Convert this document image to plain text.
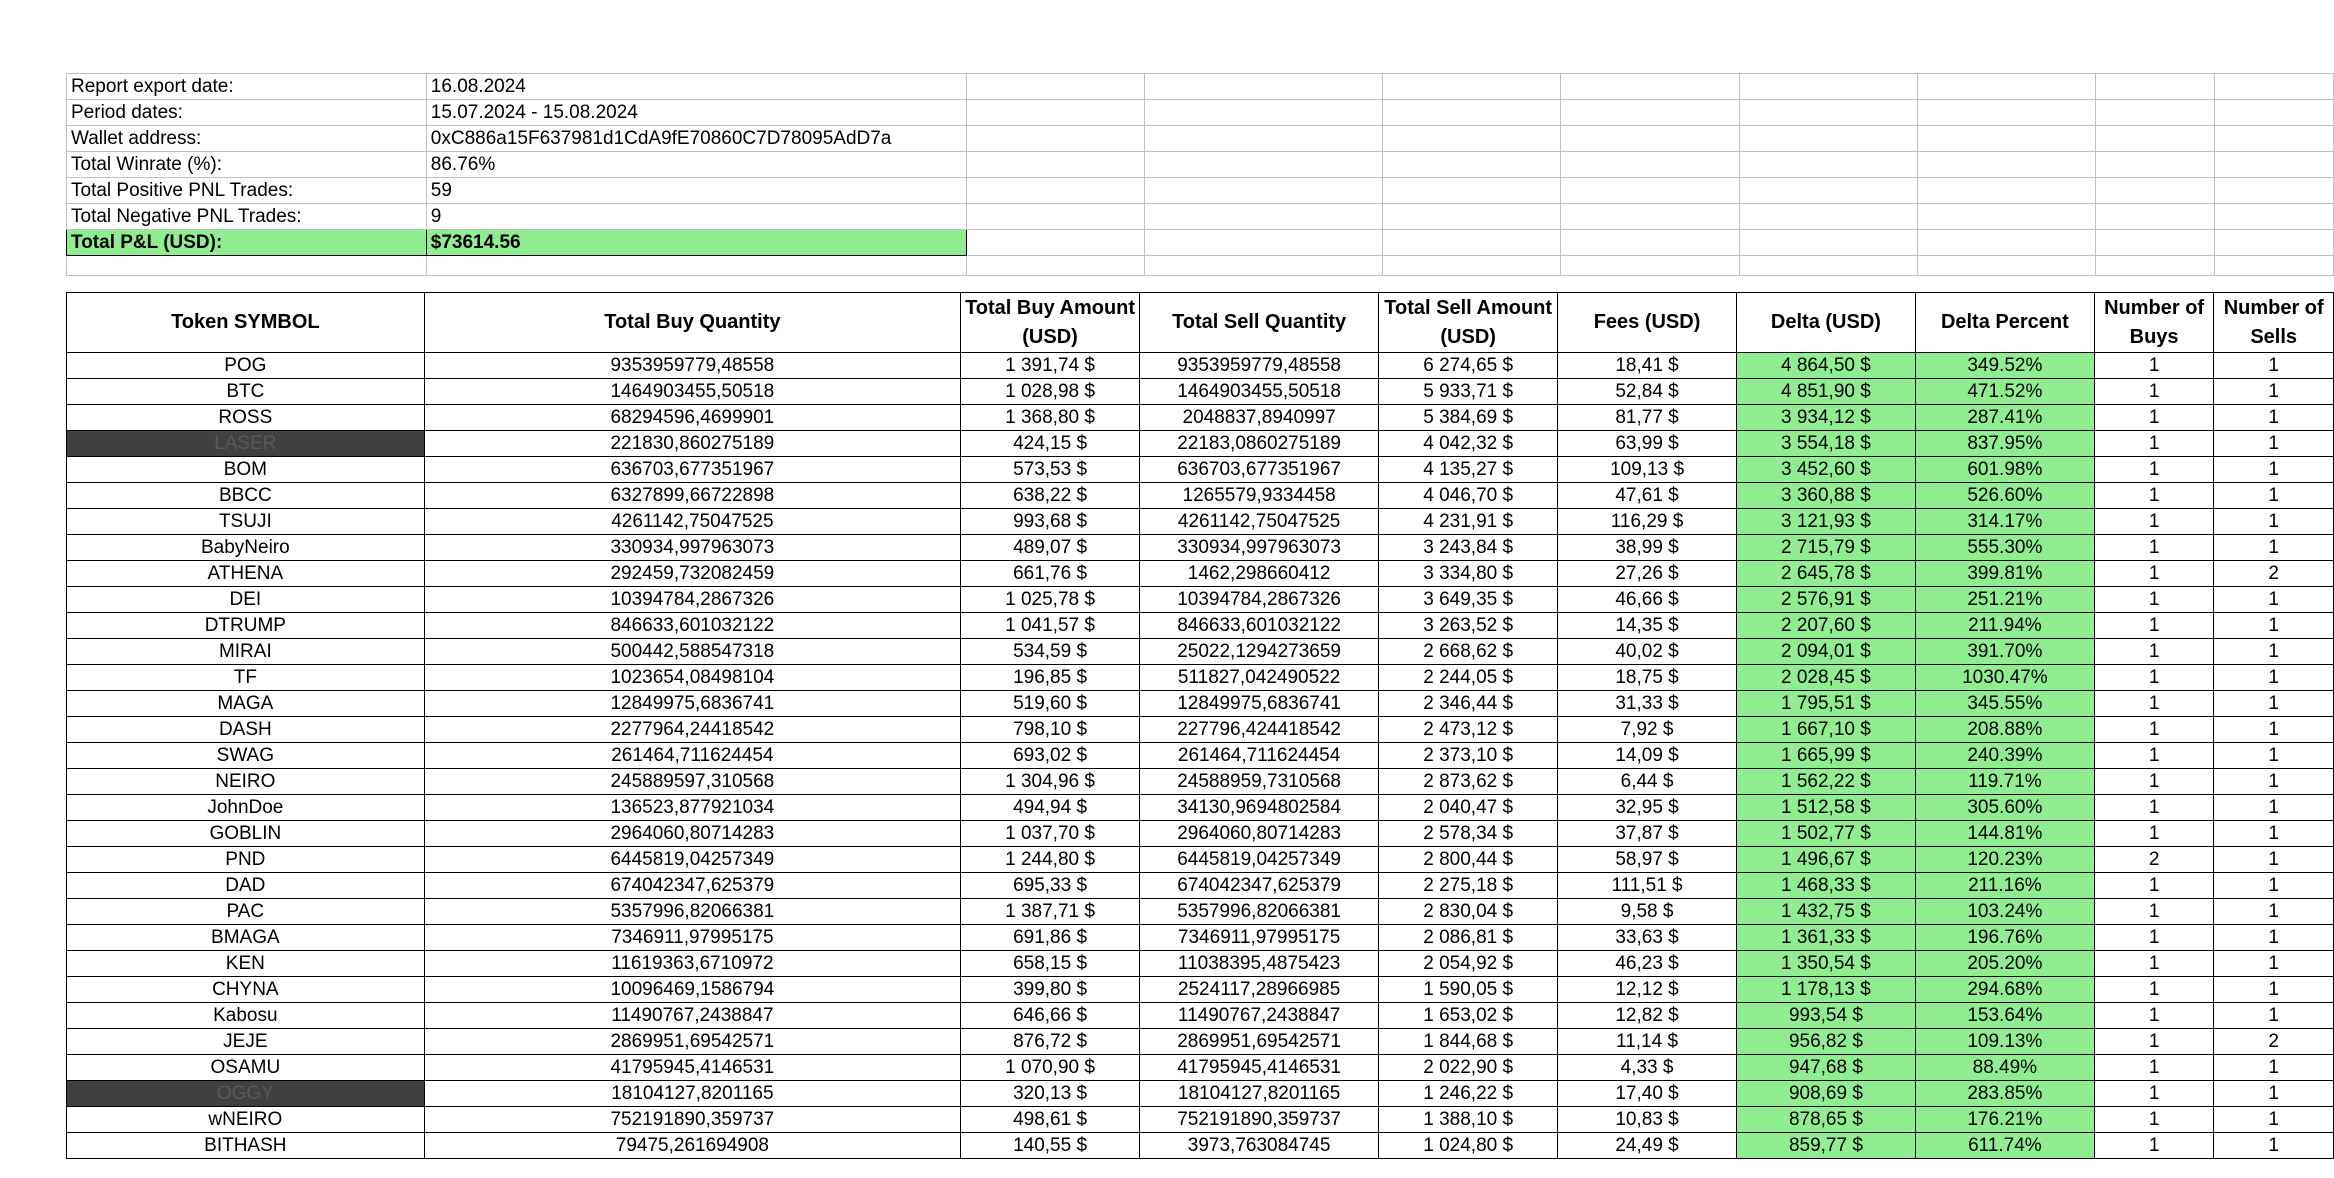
Report export date:	16.08.2024								
Period dates:	15.07.2024 - 15.08.2024								
Wallet address:	0xC886a15F637981d1CdA9fE70860C7D78095AdD7a								
Total Winrate (%):	86.76%								
Total Positive PNL Trades:	59								
Total Negative PNL Trades:	9								
Total P&L (USD):	$73614.56								

Token SYMBOL	Total Buy Quantity	Total Buy Amount (USD)	Total Sell Quantity	Total Sell Amount (USD)	Fees (USD)	Delta (USD)	Delta Percent	Number of Buys	Number of Sells
POG	9353959779,48558	1 391,74 $	9353959779,48558	6 274,65 $	18,41 $	4 864,50 $	349.52%	1	1
BTC	1464903455,50518	1 028,98 $	1464903455,50518	5 933,71 $	52,84 $	4 851,90 $	471.52%	1	1
ROSS	68294596,4699901	1 368,80 $	2048837,8940997	5 384,69 $	81,77 $	3 934,12 $	287.41%	1	1
LASER	221830,860275189	424,15 $	22183,0860275189	4 042,32 $	63,99 $	3 554,18 $	837.95%	1	1
BOM	636703,677351967	573,53 $	636703,677351967	4 135,27 $	109,13 $	3 452,60 $	601.98%	1	1
BBCC	6327899,66722898	638,22 $	1265579,9334458	4 046,70 $	47,61 $	3 360,88 $	526.60%	1	1
TSUJI	4261142,75047525	993,68 $	4261142,75047525	4 231,91 $	116,29 $	3 121,93 $	314.17%	1	1
BabyNeiro	330934,997963073	489,07 $	330934,997963073	3 243,84 $	38,99 $	2 715,79 $	555.30%	1	1
ATHENA	292459,732082459	661,76 $	1462,298660412	3 334,80 $	27,26 $	2 645,78 $	399.81%	1	2
DEI	10394784,2867326	1 025,78 $	10394784,2867326	3 649,35 $	46,66 $	2 576,91 $	251.21%	1	1
DTRUMP	846633,601032122	1 041,57 $	846633,601032122	3 263,52 $	14,35 $	2 207,60 $	211.94%	1	1
MIRAI	500442,588547318	534,59 $	25022,1294273659	2 668,62 $	40,02 $	2 094,01 $	391.70%	1	1
TF	1023654,08498104	196,85 $	511827,042490522	2 244,05 $	18,75 $	2 028,45 $	1030.47%	1	1
MAGA	12849975,6836741	519,60 $	12849975,6836741	2 346,44 $	31,33 $	1 795,51 $	345.55%	1	1
DASH	2277964,24418542	798,10 $	227796,424418542	2 473,12 $	7,92 $	1 667,10 $	208.88%	1	1
SWAG	261464,711624454	693,02 $	261464,711624454	2 373,10 $	14,09 $	1 665,99 $	240.39%	1	1
NEIRO	245889597,310568	1 304,96 $	24588959,7310568	2 873,62 $	6,44 $	1 562,22 $	119.71%	1	1
JohnDoe	136523,877921034	494,94 $	34130,9694802584	2 040,47 $	32,95 $	1 512,58 $	305.60%	1	1
GOBLIN	2964060,80714283	1 037,70 $	2964060,80714283	2 578,34 $	37,87 $	1 502,77 $	144.81%	1	1
PND	6445819,04257349	1 244,80 $	6445819,04257349	2 800,44 $	58,97 $	1 496,67 $	120.23%	2	1
DAD	674042347,625379	695,33 $	674042347,625379	2 275,18 $	111,51 $	1 468,33 $	211.16%	1	1
PAC	5357996,82066381	1 387,71 $	5357996,82066381	2 830,04 $	9,58 $	1 432,75 $	103.24%	1	1
BMAGA	7346911,97995175	691,86 $	7346911,97995175	2 086,81 $	33,63 $	1 361,33 $	196.76%	1	1
KEN	11619363,6710972	658,15 $	11038395,4875423	2 054,92 $	46,23 $	1 350,54 $	205.20%	1	1
CHYNA	10096469,1586794	399,80 $	2524117,28966985	1 590,05 $	12,12 $	1 178,13 $	294.68%	1	1
Kabosu	11490767,2438847	646,66 $	11490767,2438847	1 653,02 $	12,82 $	993,54 $	153.64%	1	1
JEJE	2869951,69542571	876,72 $	2869951,69542571	1 844,68 $	11,14 $	956,82 $	109.13%	1	2
OSAMU	41795945,4146531	1 070,90 $	41795945,4146531	2 022,90 $	4,33 $	947,68 $	88.49%	1	1
OGGY	18104127,8201165	320,13 $	18104127,8201165	1 246,22 $	17,40 $	908,69 $	283.85%	1	1
wNEIRO	752191890,359737	498,61 $	752191890,359737	1 388,10 $	10,83 $	878,65 $	176.21%	1	1
BITHASH	79475,261694908	140,55 $	3973,763084745	1 024,80 $	24,49 $	859,77 $	611.74%	1	1
